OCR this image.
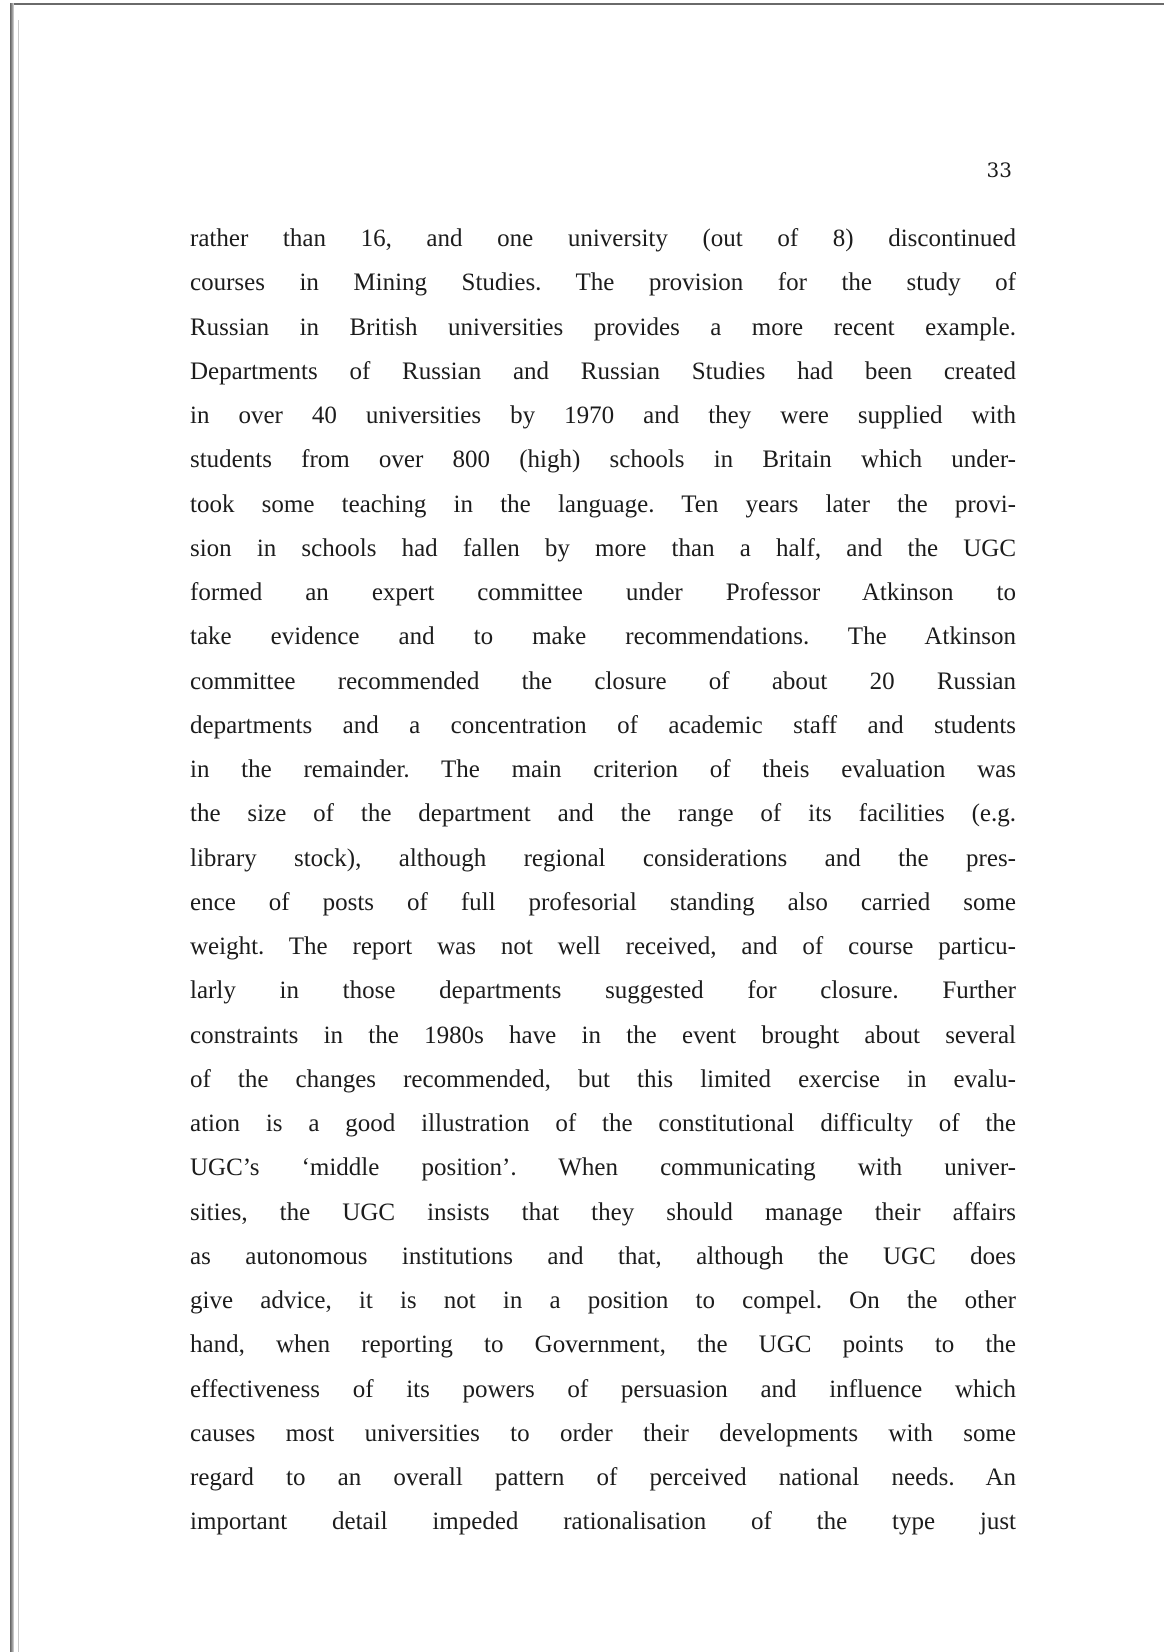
33
rather than 16, and one university (out of 8) discontinued
courses in Mining Studies. The provision for the study of
Russian in British universities provides a more recent example.
Departments of Russian and Russian Studies had been created
in over 40 universities by 1970 and they were supplied with
students from over 800 (high) schools in Britain which under-
took some teaching in the language. Ten years later the provi-
sion in schools had fallen by more than a half, and the UGC
formed an expert committee under Professor Atkinson to
take evidence and to make recommendations. The Atkinson
committee recommended the closure of about 20 Russian
departments and a concentration of academic staff and students
in the remainder. The main criterion of theis evaluation was
the size of the department and the range of its facilities (e.g.
library stock), although regional considerations and the pres-
ence of posts of full profesorial standing also carried some
weight. The report was not well received, and of course particu-
larly in those departments suggested for closure. Further
constraints in the 1980s have in the event brought about several
of the changes recommended, but this limited exercise in evalu-
ation is a good illustration of the constitutional difficulty of the
UGC’s ‘middle position’. When communicating with univer-
sities, the UGC insists that they should manage their affairs
as autonomous institutions and that, although the UGC does
give advice, it is not in a position to compel. On the other
hand, when reporting to Government, the UGC points to the
effectiveness of its powers of persuasion and influence which
causes most universities to order their developments with some
regard to an overall pattern of perceived national needs. An
important detail impeded rationalisation of the type just
